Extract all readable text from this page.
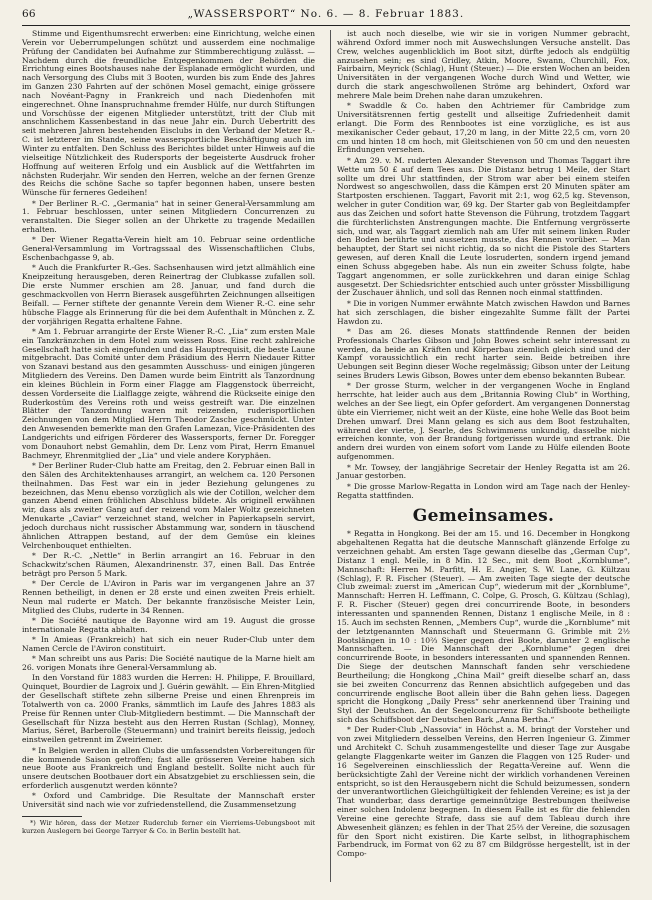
66	„WASSERSPORT“ No. 6. — 8. Februar 1883.

Stimme und Eigenthumsrecht erwerben: eine Einrichtung, welche einen Verein vor Ueberrumpelungen schützt und ausserdem eine nochmalige Prüfung der Candidaten bei Aufnahme zur Stimmberechtigung zulässt. — Nachdem durch die freundliche Entgegenkommen der Behörden die Errichtung eines Bootshauses nahe der Esplanade ermöglicht wurden, und nach Versorgung des Clubs mit 3 Booten, wurden bis zum Ende des Jahres im Ganzen 230 Fahrten auf der schönen Mosel gemacht, einige grössere nach Novéant-Pagny in Frankreich und nach Diedenhofen mit eingerechnet. Ohne Inanspruchnahme fremder Hülfe, nur durch Stiftungen und Vorschüsse der eigenen Mitglieder unterstützt, tritt der Club mit anschnlichem Kassenbestand in das neue Jahr ein. Durch Uebertritt des seit mehreren Jahren bestehenden Eisclubs in den Verband der Metzer R.-C. ist letzterer im Stande, seine wassersportliche Beschäftigung auch im Winter zu entfalten. Den Schluss des Berichtes bildet unter Hinweis auf die vielseitige Nützlichkeit des Rudersports der begeisterte Ausdruck froher Hoffnung auf weiteren Erfolg und ein Ausblick auf die Wettfahrten im nächsten Ruderjahr. Wir senden den Herren, welche an der fernen Grenze des Reichs die schöne Sache so tapfer begonnen haben, unsere besten Wünsche für ferneres Gedeihen!

* Der Berliner R.-C. „Germania“ hat in seiner General-Versammlung am 1. Februar beschlossen, unter seinen Mitgliedern Concurrenzen zu veranstalten. Die Sieger sollen an der Uhrkette zu tragende Medaillen erhalten.

* Der Wiener Regatta-Verein hielt am 10. Februar seine ordentliche General-Versammlung im Vortragssaal des Wissenschaftlichen Clubs, Eschenbachgasse 9, ab.

* Auch die Frankfurter R.-Ges. Sachsenhausen wird jetzt allmählich eine Kneipzeitung herausgeben, deren Reinertrag der Clubkasse zufallen soll. Die erste Nummer erschien am 28. Januar, und fand durch die geschmackvollen von Herrn Bierasek ausgeführten Zeichnungen allseitigen Beifall. — Ferner stiftete der genannte Verein dem Wiener R.-C. eine sehr hübsche Flagge als Erinnerung für die bei dem Aufenthalt in München z. Z. der vorjährigen Regatta erhaltene Fahne.

* Am 1. Februar arrangirte der Erste Wiener R.-C. „Lia“ zum ersten Male ein Tanzkränzchen in dem Hotel zum weissen Ross. Eine recht zahlreiche Gesellschaft hatte sich eingefunden und das Hauptrequisit, die beste Laune mitgebracht. Das Comité unter dem Präsidium des Herrn Niedauer Ritter von Szanavi bestand aus den gesammten Ausschuss- und einigen jüngeren Mitgliedern des Vereins. Den Damen wurde beim Eintritt als Tanzordnung ein kleines Büchlein in Form einer Flagge am Flaggenstock überreicht, dessen Vorderseite die Lialflagge zeigte, während die Rückseite einige den Ruderkostüm des Vereins roth und weiss gestreift war. Die einzelnen Blätter der Tanzordnung waren mit reizenden, ruderisportlichen Zeichnungen von dem Mitglied Herrn Theodor Zasche geschmückt. Unter den Anwesenden bemerkte man den Grafen Lamezan, Vice-Präsidenten des Landgerichts und eifrigen Förderer des Wassersports, ferner Dr. Foregger vom Donauhort nebst Gemahlin, dem Dr. Lenz vom Pirat, Herrn Emanuel Bachmeyr, Ehrenmitglied der „Lia“ und viele andere Koryphäen.

* Der Berliner Ruder-Club hatte am Freitag, den 2. Februar einen Ball in den Sälen des Architektenhauses arrangirt, an welchem ca. 120 Personen theilnahmen. Das Fest war ein in jeder Beziehung gelungenes zu bezeichnen, das Menu ebenso vorzüglich als wie der Cotillon, welcher dem ganzen Abend einen fröhlichen Abschluss bildete. Als originell erwähnen wir, dass als zweiter Gang auf der reizend vom Maler Woltz gezeichneten Menukarte „Caviar“ verzeichnet stand, welcher in Papierkapseln servirt, jedoch durchaus nicht russischer Abstammung war, sondern in täuschend ähnlichen Attrappen bestand, auf der dem Gemüse ein kleines Velrchenbouquet enthielten.

* Der R.-C. „Nettle“ in Berlin arrangirt an 16. Februar in den Schackwitz'schen Räumen, Alexandrinenstr. 37, einen Ball. Das Entrée beträgt pro Person 5 Mark.

* Der Cercle de L'Aviron in Paris war im vergangenen Jahre an 37 Rennen betheiligt, in denen er 28 erste und einen zweiten Preis erhielt. Neun mal ruderte er Match. Der bekannte französische Meister Lein, Mitglied des Clubs, ruderte in 34 Rennen.

* Die Société nautique de Bayonne wird am 19. August die grosse internationale Regatta abhalten.

* In Amieas (Frankreich) hat sich ein neuer Ruder-Club unter dem Namen Cercle de l'Aviron constituirt.

* Man schreibt uns aus Paris: Die Société nautique de la Marne hielt am 26. vorigen Monats ihre General-Versammlung ab.

In den Vorstand für 1883 wurden die Herren: H. Philippe, F. Brouillard, Quinquet, Bourdier de Lagroix und J. Guérin gewählt. — Ein Ehren-Mitglied der Gesellschaft stiftete zehn silberne Preise und einen Ehrenpreis im Totalwerth von ca. 2000 Franks, sämmtlich im Laufe des Jahres 1883 als Preise für Rennen unter Club-Mitgliedern bestimmt. — Die Mannschaft der Gesellschaft für Nizza besteht aus den Herren Rustan (Schlag), Monney, Marius, Séret, Barberolle (Steuermann) und trainirt bereits fleissig, jedoch einstweilen getrennt im Zweiriemer.

* In Belgien werden in allen Clubs die umfassendsten Vorbereitungen für die kommende Saison getroffen; fast alle grösseren Vereine haben sich neue Boote aus Frankreich und England bestellt. Sollte nicht auch für unsere deutschen Bootbauer dort ein Absatzgebiet zu erschliessen sein, die erforderlich ausgenutzt werden könnte?

* Oxford und Cambridge. Die Resultate der Mannschaft erster Universität sind nach wie vor zufriedenstellend, die Zusammensetzung

*) Wir hören, dass der Metzer Ruderclub ferner ein Vierriems-Uebungsboot mit kurzen Auslegern bei George Tarryer & Co. in Berlin bestellt hat.

ist auch noch dieselbe, wie wir sie in vorigen Nummer gebracht, während Oxford immer noch mit Auswechslungen Versuche anstellt. Das Crew, welches augenblicklich im Boot sitzt, dürfte jedoch als endgültig anzusehen sein; es sind Gridley, Atkin, Moore, Swann, Churchill, Fox, Fairbairn, Meyrick (Schlag), Hunt (Steuer.) — Die ersten Wochen an beiden Universitäten in der vergangenen Woche durch Wind und Wetter, wie durch die stark angeschwollenen Ströme arg behindert, Oxford war mehrere Male beim Drehen nahe daran umzukehren.

* Swaddle & Co. haben den Achtriemer für Cambridge zum Universitätsrennen fertig gestellt und allseitige Zufriedenheit damit erlangt. Die Form des Rennbootes ist eine vorzügliche, es ist aus mexikanischer Ceder gebaut, 17,20 m lang, in der Mitte 22,5 cm, vorn 20 cm und hinten 18 cm hoch, mit Gleitschienen von 50 cm und den neuesten Erfindungen versehen.

* Am 29. v. M. ruderten Alexander Stevenson und Thomas Taggart ihre Wette um 50 £ auf dem Tees aus. Die Distanz betrug 1 Meile, der Start sollte um drei Uhr stattfinden, der Strom war aber bei einem steifen Nordwest so angeschwollen, dass die Kämpen erst 20 Minuten später am Startposten erschienen. Taggart, Favorit mit 2:1, wog 62,5 kg. Stevenson, welcher in guter Condition war, 69 kg. Der Starter gab von Begleitdampfer aus das Zeichen und sofort hatte Stevenson die Führung, trotzdem Taggart die fürchterlichsten Anstrengungen machte. Die Entfernung vergrösserte sich, und war, als Taggart ziemlich nah am Ufer mit seinem linken Ruder den Boden berührte und aussetzen musste, das Rennen vorüber. — Man behauptet, der Start sei nicht richtig, da so nicht die Pistole des Starters gewesen, auf deren Knall die Leute losruderten, sondern irgend jemand einen Schuss abgegeben habe. Als nun ein zweiter Schuss folgte, habe Taggart angenommen, er solle zurückkehren und daran einige Schlag ausgesetzt. Der Schiedsrichter entschied auch unter grösster Missbilligung der Zuschauer ähnlich, und soll das Rennen noch einmal stattfinden.

* Die in vorigen Nummer erwähnte Match zwischen Hawdon und Barnes hat sich zerschlagen, die bisher eingezahlte Summe fällt der Partei Hawdon zu.

* Das am 26. dieses Monats stattfindende Rennen der beiden Professionals Charles Gibson und John Bowes scheint sehr interessant zu werden, da beide an Kräften und Körperbau ziemlich gleich sind und der Kampf voraussichtlich ein recht harter sein. Beide betreiben ihre Uebungen seit Beginn dieser Woche regelmässig; Gibson unter der Leitung seines Bruders Lewis Gibson, Bowes unter dem ebenso bekannten Bubear.

* Der grosse Sturm, welcher in der vergangenen Woche in England herrschte, hat leider auch aus dem „Britannia Rowing Club“ in Worthing, welches an der See liegt, ein Opfer gefordert. Am vergangenen Donnerstag übte ein Vierriemer, nicht weit an der Küste, eine hohe Welle das Boot beim Drehen umwarf. Drei Mann gelang es sich aus dem Boot festzuhalten, während der vierte, J. Searle, des Schwimmens unkundig, dasselbe nicht erreichen konnte, von der Brandung fortgerissen wurde und ertrank. Die andern drei wurden von einem sofort vom Lande zu Hülfe eilenden Boote aufgenommen.

* Mr. Towsey, der langjährige Secretair der Henley Regatta ist am 26. Januar gestorben.

* Die grosse Marlow-Regatta in London wird am Tage nach der Henley-Regatta stattfinden.

Gemeinsames.

* Regatta in Hongkong. Bei der am 15. und 16. December in Hongkong abgehaltenen Regatta hat die deutsche Mannschaft glänzende Erfolge zu verzeichnen gehabt. Am ersten Tage gewann dieselbe das „German Cup“, Distanz 1 engl. Meile, in 8 Min. 12 Sec., mit dem Boot „Kornblume“, Mannschaft: Herren M. Parfitt, H. E. Angier, S. W. Lane, G. Kültzau (Schlag), F. R. Fischer (Steuer). — Am zweiten Tage siegte der deutsche Club zweimal: zuerst im „American Cup“, wiederum mit der „Kornblume“, Mannschaft: Herren H. Leffmann, C. Colpe, G. Prosch, G. Kültzau (Schlag), F. R. Fischer (Steuer) gegen drei concurrirende Boote, in besonders interessanten und spannenden Rennen, Distanz 1 englische Meile, in 8 : 15. Auch im sechsten Rennen, „Members Cup“, wurde die „Kornblume“ mit der letztgenannten Mannschaft und Steuermann G. Grimble mit 2½ Bootslängen in 10 : 10⅔ Sieger gegen drei Boote, darunter 2 englische Mannschaften. — Die Mannschaft der „Kornblume“ gegen drei concurrirende Boote, in besonders interessanten und spannenden Rennen. Die Siege der deutschen Mannschaft fanden sehr verschiedene Beurtheilung; die Hongkong „China Mail“ greift dieselbe scharf an, dass sie bei zweiten Concurrenz das Rennen absichtlich aufgegeben und das concurrirende englische Boot allein über die Bahn gehen liess. Dagegen spricht die Hongkong „Daily Press“ sehr anerkennend über Training und Styl der Deutschen. An der Segelconcurrenz für Schiffsboote betheiligte sich das Schiffsboot der Deutschen Bark „Anna Bertha.“

* Der Ruder-Club „Nassovia“ in Höchst a. M. bringt der Vorsteher und von zwei Mitgliedern desselben Vereins, den Herren Ingenieur G. Zimmer und Architekt C. Schuh zusammengestellte und dieser Tage zur Ausgabe gelangte Flaggenkarte weiter im Ganzen die Flaggen von 125 Ruder- und 16 Segelvereinen einschliesslich der Regatta-Vereine auf. Wenn die berücksichtigte Zahl der Vereine nicht der wirklich vorhandenen Vereinen entspricht, so ist den Herausgebern nicht die Schuld beizumessen, sondern der unverantwortlichen Gleichgültigkeit der fehlenden Vereine; es ist ja der That wunderbar, dass derartige gemeinnützige Bestrebungen theilweise einer solchen Indolenz begegnen. In diesem Falle ist es für die fehlenden Vereine eine gerechte Strafe, dass sie auf dem Tableau durch ihre Abwesenheit glänzen; es fehlen in der That 25⅔ der Vereine, die sozusagen für den Sport nicht existiren. Die Karte selbst, in lithographischem Farbendruck, im Format von 62 zu 87 cm Bildgrösse hergestellt, ist in der Compo-
